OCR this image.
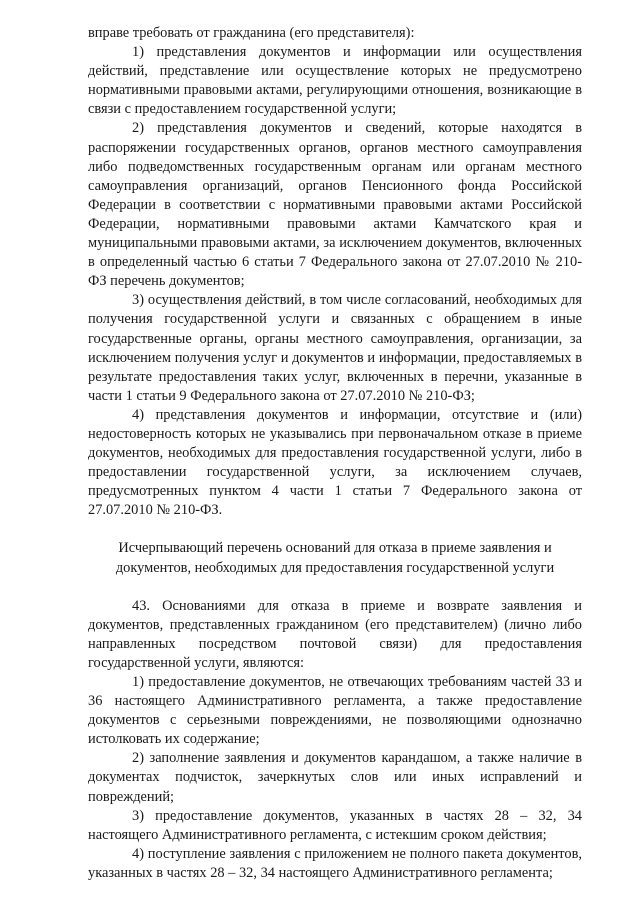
вправе требовать от гражданина (его представителя):

1) представления документов и информации или осуществления действий, представление или осуществление которых не предусмотрено нормативными правовыми актами, регулирующими отношения, возникающие в связи с предоставлением государственной услуги;

2) представления документов и сведений, которые находятся в распоряжении государственных органов, органов местного самоуправления либо подведомственных государственным органам или органам местного самоуправления организаций, органов Пенсионного фонда Российской Федерации в соответствии с нормативными правовыми актами Российской Федерации, нормативными правовыми актами Камчатского края и муниципальными правовыми актами, за исключением документов, включенных в определенный частью 6 статьи 7 Федерального закона от 27.07.2010 № 210-ФЗ перечень документов;

3) осуществления действий, в том числе согласований, необходимых для получения государственной услуги и связанных с обращением в иные государственные органы, органы местного самоуправления, организации, за исключением получения услуг и документов и информации, предоставляемых в результате предоставления таких услуг, включенных в перечни, указанные в части 1 статьи 9 Федерального закона от 27.07.2010 № 210-ФЗ;

4) представления документов и информации, отсутствие и (или) недостоверность которых не указывались при первоначальном отказе в приеме документов, необходимых для предоставления государственной услуги, либо в предоставлении государственной услуги, за исключением случаев, предусмотренных пунктом 4 части 1 статьи 7 Федерального закона от 27.07.2010 № 210-ФЗ.

Исчерпывающий перечень оснований для отказа в приеме заявления и документов, необходимых для предоставления государственной услуги

43. Основаниями для отказа в приеме и возврате заявления и документов, представленных гражданином (его представителем) (лично либо направленных посредством почтовой связи) для предоставления государственной услуги, являются:

1) предоставление документов, не отвечающих требованиям частей 33 и 36 настоящего Административного регламента, а также предоставление документов с серьезными повреждениями, не позволяющими однозначно истолковать их содержание;

2) заполнение заявления и документов карандашом, а также наличие в документах подчисток, зачеркнутых слов или иных исправлений и повреждений;

3) предоставление документов, указанных в частях 28 – 32, 34 настоящего Административного регламента, с истекшим сроком действия;

4) поступление заявления с приложением не полного пакета документов, указанных в частях 28 – 32, 34 настоящего Административного регламента;
